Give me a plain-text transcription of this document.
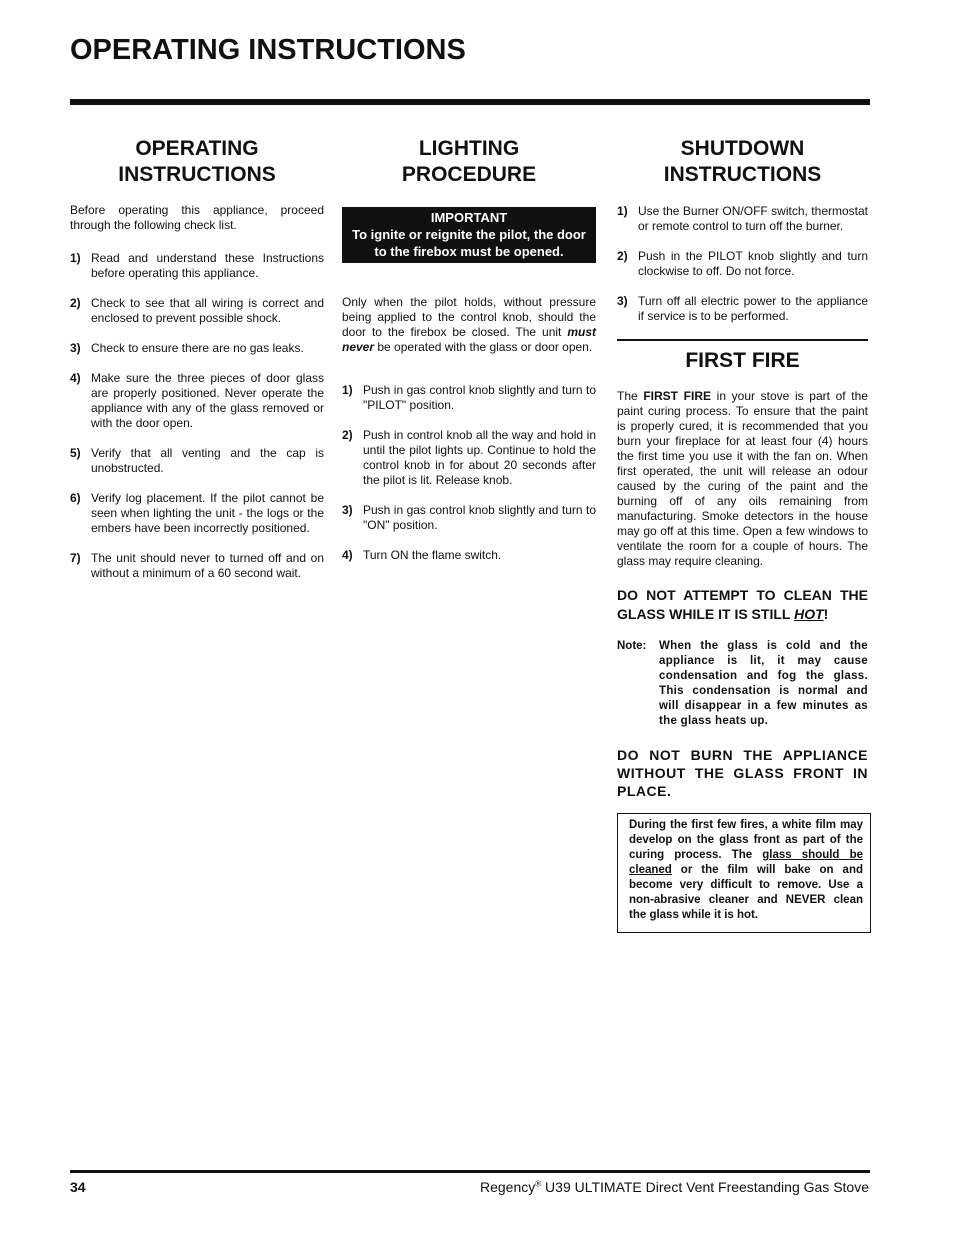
OPERATING INSTRUCTIONS
OPERATING
INSTRUCTIONS

Before operating this appliance, proceed through the following check list.

1) Read and understand these Instructions before operating this appliance.
2) Check to see that all wiring is correct and enclosed to prevent possible shock.
3) Check to ensure there are no gas leaks.
4) Make sure the three pieces of door glass are properly positioned. Never operate the appliance with any of the glass removed or with the door open.
5) Verify that all venting and the cap is unobstructed.
6) Verify log placement. If the pilot cannot be seen when lighting the unit - the logs or the embers have been incorrectly positioned.
7) The unit should never to turned off and on without a minimum of a 60 second wait.
LIGHTING
PROCEDURE
IMPORTANT
To ignite or reignite the pilot, the door to the firebox must be opened.

Only when the pilot holds, without pressure being applied to the control knob, should the door to the firebox be closed. The unit must never be operated with the glass or door open.

1) Push in gas control knob slightly and turn to "PILOT" position.
2) Push in control knob all the way and hold in until the pilot lights up. Continue to hold the control knob in for about 20 seconds after the pilot is lit. Release knob.
3) Push in gas control knob slightly and turn to "ON" position.
4) Turn ON the flame switch.
SHUTDOWN
INSTRUCTIONS
1) Use the Burner ON/OFF switch, thermostat or remote control to turn off the burner.
2) Push in the PILOT knob slightly and turn clockwise to off. Do not force.
3) Turn off all electric power to the appliance if service is to be performed.
FIRST FIRE

The FIRST FIRE in your stove is part of the paint curing process. To ensure that the paint is properly cured, it is recommended that you burn your fireplace for at least four (4) hours the first time you use it with the fan on. When first operated, the unit will release an odour caused by the curing of the paint and the burning off of any oils remaining from manufacturing. Smoke detectors in the house may go off at this time. Open a few windows to ventilate the room for a couple of hours. The glass may require cleaning.

DO NOT ATTEMPT TO CLEAN THE GLASS WHILE IT IS STILL HOT!

Note:	When the glass is cold and the appliance is lit, it may cause condensation and fog the glass. This condensation is normal and will disappear in a few minutes as the glass heats up.

DO NOT BURN THE APPLIANCE WITHOUT THE GLASS FRONT IN PLACE.

During the first few fires, a white film may develop on the glass front as part of the curing process. The glass should be cleaned or the film will bake on and become very difficult to remove. Use a non-abrasive cleaner and NEVER clean the glass while it is hot.
34	Regency® U39 ULTIMATE Direct Vent Freestanding Gas Stove
